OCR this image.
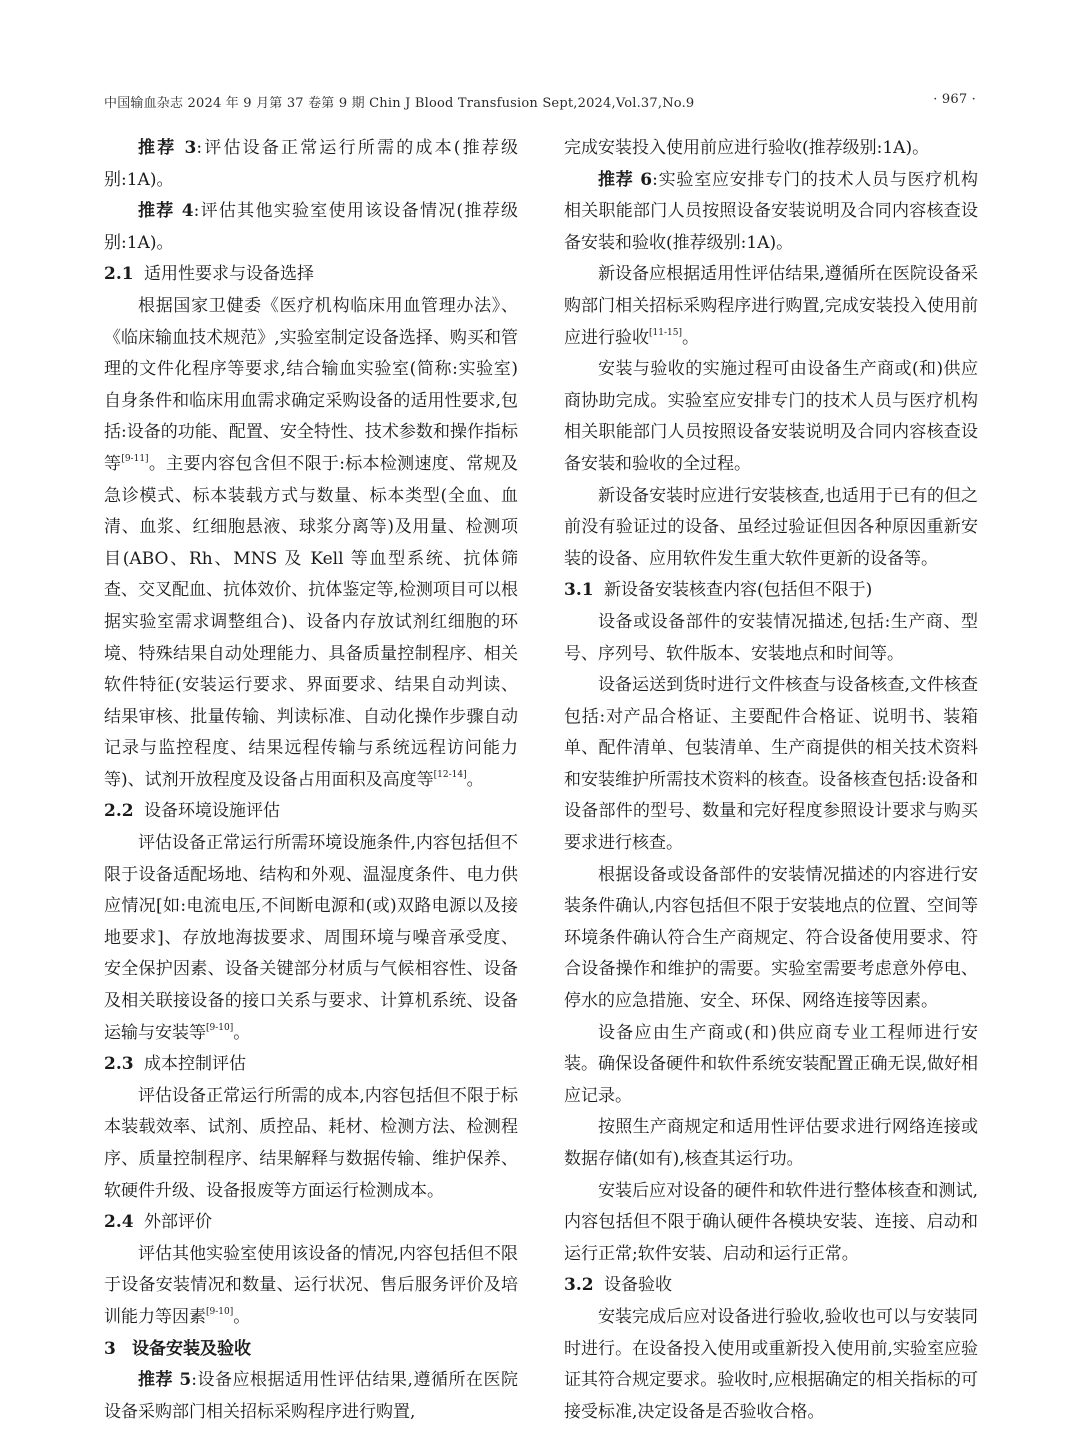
中国输血杂志 2024 年 9 月第 37 卷第 9 期 Chin J Blood Transfusion Sept,2024,Vol.37,No.9	· 967 ·

推荐 3:评估设备正常运行所需的成本(推荐级别:1A)。

推荐 4:评估其他实验室使用该设备情况(推荐级别:1A)。

2.1 适用性要求与设备选择

根据国家卫健委《医疗机构临床用血管理办法》、《临床输血技术规范》,实验室制定设备选择、购买和管理的文件化程序等要求,结合输血实验室(简称:实验室)自身条件和临床用血需求确定采购设备的适用性要求,包括:设备的功能、配置、安全特性、技术参数和操作指标等[9-11]。主要内容包含但不限于:标本检测速度、常规及急诊模式、标本装载方式与数量、标本类型(全血、血清、血浆、红细胞悬液、球浆分离等)及用量、检测项目(ABO、Rh、MNS 及 Kell 等血型系统、抗体筛查、交叉配血、抗体效价、抗体鉴定等,检测项目可以根据实验室需求调整组合)、设备内存放试剂红细胞的环境、特殊结果自动处理能力、具备质量控制程序、相关软件特征(安装运行要求、界面要求、结果自动判读、结果审核、批量传输、判读标准、自动化操作步骤自动记录与监控程度、结果远程传输与系统远程访问能力等)、试剂开放程度及设备占用面积及高度等[12-14]。

2.2 设备环境设施评估

评估设备正常运行所需环境设施条件,内容包括但不限于设备适配场地、结构和外观、温湿度条件、电力供应情况[如:电流电压,不间断电源和(或)双路电源以及接地要求]、存放地海拔要求、周围环境与噪音承受度、安全保护因素、设备关键部分材质与气候相容性、设备及相关联接设备的接口关系与要求、计算机系统、设备运输与安装等[9-10]。

2.3 成本控制评估

评估设备正常运行所需的成本,内容包括但不限于标本装载效率、试剂、质控品、耗材、检测方法、检测程序、质量控制程序、结果解释与数据传输、维护保养、软硬件升级、设备报废等方面运行检测成本。

2.4 外部评价

评估其他实验室使用该设备的情况,内容包括但不限于设备安装情况和数量、运行状况、售后服务评价及培训能力等因素[9-10]。

3 设备安装及验收

推荐 5:设备应根据适用性评估结果,遵循所在医院设备采购部门相关招标采购程序进行购置,

完成安装投入使用前应进行验收(推荐级别:1A)。

推荐 6:实验室应安排专门的技术人员与医疗机构相关职能部门人员按照设备安装说明及合同内容核查设备安装和验收(推荐级别:1A)。

新设备应根据适用性评估结果,遵循所在医院设备采购部门相关招标采购程序进行购置,完成安装投入使用前应进行验收[11-15]。

安装与验收的实施过程可由设备生产商或(和)供应商协助完成。实验室应安排专门的技术人员与医疗机构相关职能部门人员按照设备安装说明及合同内容核查设备安装和验收的全过程。

新设备安装时应进行安装核查,也适用于已有的但之前没有验证过的设备、虽经过验证但因各种原因重新安装的设备、应用软件发生重大软件更新的设备等。

3.1 新设备安装核查内容(包括但不限于)

设备或设备部件的安装情况描述,包括:生产商、型号、序列号、软件版本、安装地点和时间等。

设备运送到货时进行文件核查与设备核查,文件核查包括:对产品合格证、主要配件合格证、说明书、装箱单、配件清单、包装清单、生产商提供的相关技术资料和安装维护所需技术资料的核查。设备核查包括:设备和设备部件的型号、数量和完好程度参照设计要求与购买要求进行核查。

根据设备或设备部件的安装情况描述的内容进行安装条件确认,内容包括但不限于安装地点的位置、空间等环境条件确认符合生产商规定、符合设备使用要求、符合设备操作和维护的需要。实验室需要考虑意外停电、停水的应急措施、安全、环保、网络连接等因素。

设备应由生产商或(和)供应商专业工程师进行安装。确保设备硬件和软件系统安装配置正确无误,做好相应记录。

按照生产商规定和适用性评估要求进行网络连接或数据存储(如有),核查其运行功。

安装后应对设备的硬件和软件进行整体核查和测试,内容包括但不限于确认硬件各模块安装、连接、启动和运行正常;软件安装、启动和运行正常。

3.2 设备验收

安装完成后应对设备进行验收,验收也可以与安装同时进行。在设备投入使用或重新投入使用前,实验室应验证其符合规定要求。验收时,应根据确定的相关指标的可接受标准,决定设备是否验收合格。
